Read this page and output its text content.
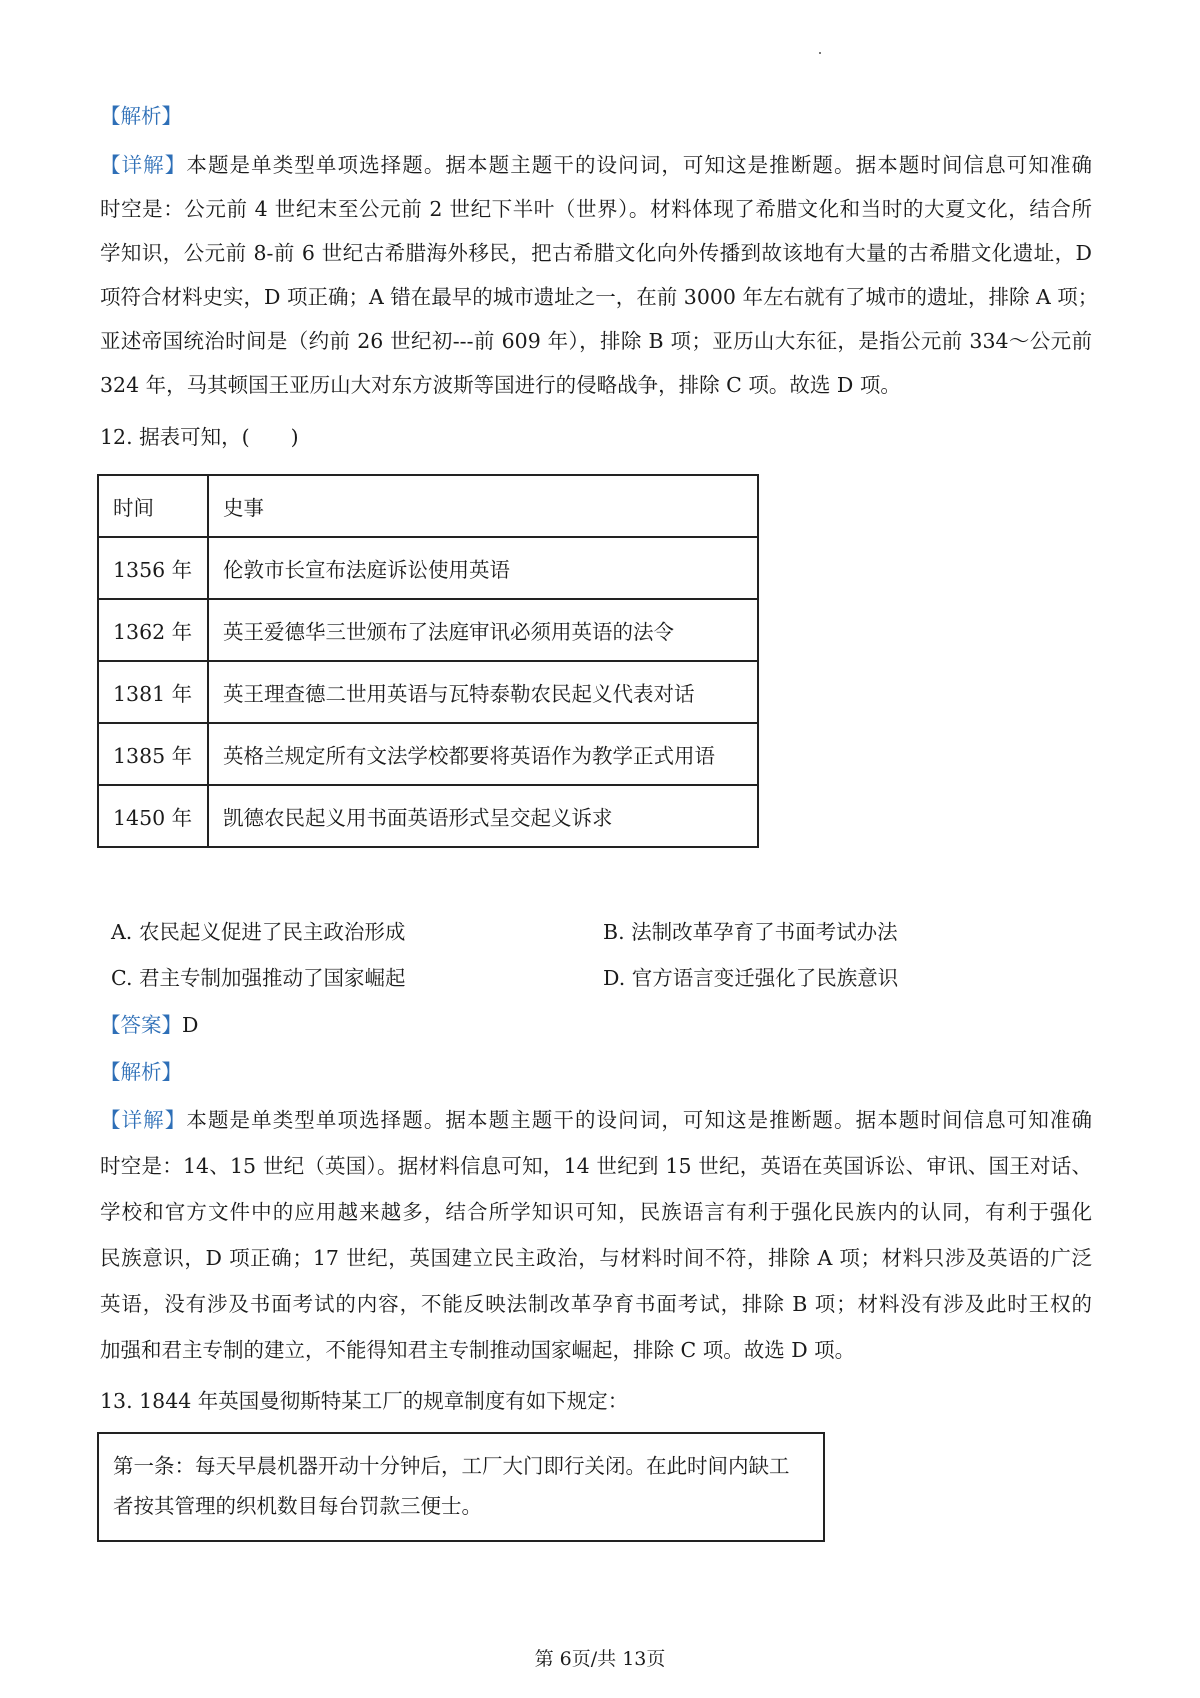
【解析】
【详解】本题是单类型单项选择题。据本题主题干的设问词，可知这是推断题。据本题时间信息可知准确
时空是：公元前 4 世纪末至公元前 2 世纪下半叶（世界）。材料体现了希腊文化和当时的大夏文化，结合所
学知识，公元前 8-前 6 世纪古希腊海外移民，把古希腊文化向外传播到故该地有大量的古希腊文化遗址，D
项符合材料史实，D 项正确；A 错在最早的城市遗址之一，在前 3000 年左右就有了城市的遗址，排除 A 项；
亚述帝国统治时间是（约前 26 世纪初---前 609 年），排除 B 项；亚历山大东征，是指公元前 334～公元前
324 年，马其顿国王亚历山大对东方波斯等国进行的侵略战争，排除 C 项。故选 D 项。
12. 据表可知，(　　)
时间	史事
1356 年	伦敦市长宣布法庭诉讼使用英语
1362 年	英王爱德华三世颁布了法庭审讯必须用英语的法令
1381 年	英王理查德二世用英语与瓦特泰勒农民起义代表对话
1385 年	英格兰规定所有文法学校都要将英语作为教学正式用语
1450 年	凯德农民起义用书面英语形式呈交起义诉求
A. 农民起义促进了民主政治形成	B. 法制改革孕育了书面考试办法
C. 君主专制加强推动了国家崛起	D. 官方语言变迁强化了民族意识
【答案】D
【解析】
【详解】本题是单类型单项选择题。据本题主题干的设问词，可知这是推断题。据本题时间信息可知准确
时空是：14、15 世纪（英国）。据材料信息可知，14 世纪到 15 世纪，英语在英国诉讼、审讯、国王对话、
学校和官方文件中的应用越来越多，结合所学知识可知，民族语言有利于强化民族内的认同，有利于强化
民族意识，D 项正确；17 世纪，英国建立民主政治，与材料时间不符，排除 A 项；材料只涉及英语的广泛
英语，没有涉及书面考试的内容，不能反映法制改革孕育书面考试，排除 B 项；材料没有涉及此时王权的
加强和君主专制的建立，不能得知君主专制推动国家崛起，排除 C 项。故选 D 项。
13. 1844 年英国曼彻斯特某工厂的规章制度有如下规定：
第一条：每天早晨机器开动十分钟后，工厂大门即行关闭。在此时间内缺工
者按其管理的织机数目每台罚款三便士。
第 6页/共 13页
